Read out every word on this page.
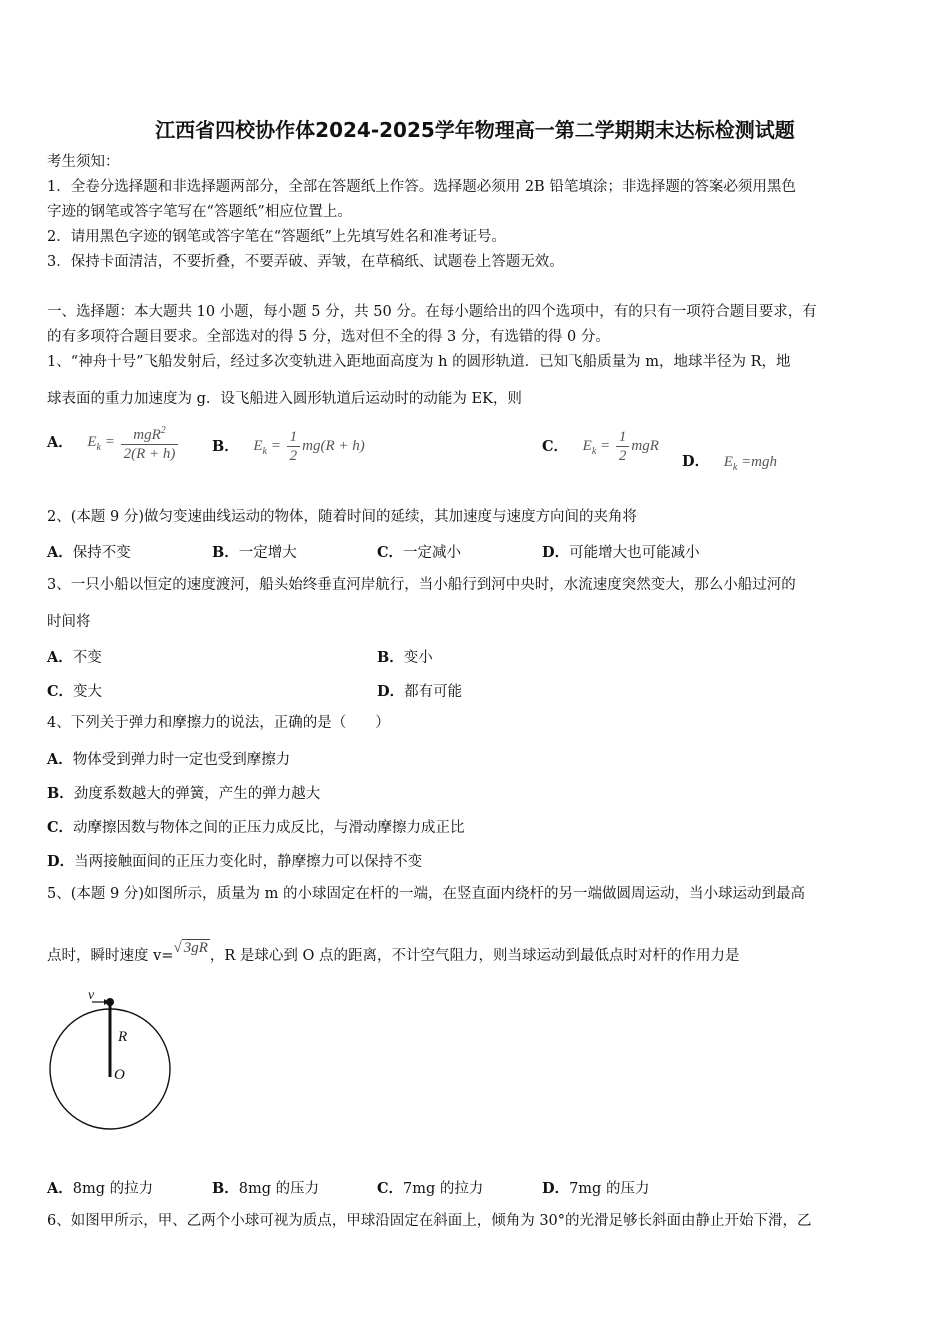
江西省四校协作体2024-2025学年物理高一第二学期期末达标检测试题
考生须知：
1．全卷分选择题和非选择题两部分，全部在答题纸上作答。选择题必须用 2B 铅笔填涂；非选择题的答案必须用黑色
字迹的钢笔或答字笔写在“答题纸”相应位置上。
2．请用黑色字迹的钢笔或答字笔在“答题纸”上先填写姓名和准考证号。
3．保持卡面清洁，不要折叠，不要弄破、弄皱，在草稿纸、试题卷上答题无效。
一、选择题：本大题共 10 小题，每小题 5 分，共 50 分。在每小题给出的四个选项中，有的只有一项符合题目要求，有
的有多项符合题目要求。全部选对的得 5 分，选对但不全的得 3 分，有选错的得 0 分。
1、“神舟十号”飞船发射后，经过多次变轨进入距地面高度为 h 的圆形轨道．已知飞船质量为 m，地球半径为 R，地
球表面的重力加速度为 g．设飞船进入圆形轨道后运动时的动能为 EK，则
A． $E_k = \frac{mgR^2}{2(R + h)}$ B． $E_k = \frac{1}{2} mg(R + h)$	C． $E_k = \frac{1}{2}$ mgR
D． $E_k =mgh$
2、(本题 9 分)做匀变速曲线运动的物体，随着时间的延续，其加速度与速度方向间的夹角将
A．保持不变	B．一定增大	C．一定减小	D．可能增大也可能减小
3、一只小船以恒定的速度渡河，船头始终垂直河岸航行，当小船行到河中央时，水流速度突然变大，那么小船过河的
时间将
A．不变	B．变小
C．变大	D．都有可能
4、下列关于弹力和摩擦力的说法，正确的是（　　）
A．物体受到弹力时一定也受到摩擦力
B．劲度系数越大的弹簧，产生的弹力越大
C．动摩擦因数与物体之间的正压力成反比，与滑动摩擦力成正比
D．当两接触面间的正压力变化时，静摩擦力可以保持不变
5、(本题 9 分)如图所示，质量为 m 的小球固定在杆的一端，在竖直面内绕杆的另一端做圆周运动，当小球运动到最高
点时，瞬时速度 v=√ 3gR ，R 是球心到 O 点的距离，不计空气阻力，则当球运动到最低点时对杆的作用力是
v
R
O
A．8mg 的拉力	B．8mg 的压力	C．7mg 的拉力	D．7mg 的压力
6、如图甲所示，甲、乙两个小球可视为质点，甲球沿固定在斜面上，倾角为 30°的光滑足够长斜面由静止开始下滑，乙
